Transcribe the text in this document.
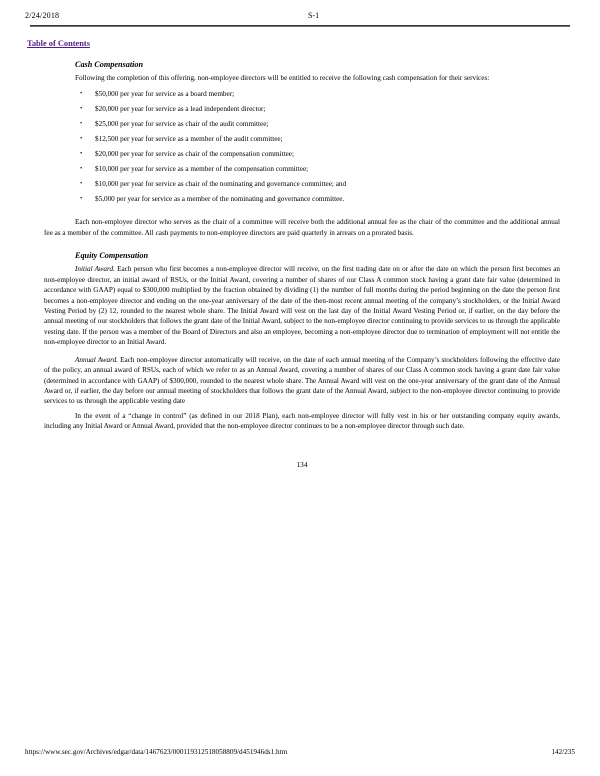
2/24/2018	S-1
Table of Contents
Cash Compensation
Following the completion of this offering, non-employee directors will be entitled to receive the following cash compensation for their services:
•	$50,000 per year for service as a board member;
•	$20,000 per year for service as a lead independent director;
•	$25,000 per year for service as chair of the audit committee;
•	$12,500 per year for service as a member of the audit committee;
•	$20,000 per year for service as chair of the compensation committee;
•	$10,000 per year for service as a member of the compensation committee;
•	$10,000 per year for service as chair of the nominating and governance committee; and
•	$5,000 per year for service as a member of the nominating and governance committee.
Each non-employee director who serves as the chair of a committee will receive both the additional annual fee as the chair of the committee and the additional annual fee as a member of the committee. All cash payments to non-employee directors are paid quarterly in arrears on a prorated basis.
Equity Compensation
Initial Award. Each person who first becomes a non-employee director will receive, on the first trading date on or after the date on which the person first becomes an non-employee director, an initial award of RSUs, or the Initial Award, covering a number of shares of our Class A common stock having a grant date fair value (determined in accordance with GAAP) equal to $300,000 multiplied by the fraction obtained by dividing (1) the number of full months during the period beginning on the date the person first becomes a non-employee director and ending on the one-year anniversary of the date of the then-most recent annual meeting of the company’s stockholders, or the Initial Award Vesting Period by (2) 12, rounded to the nearest whole share. The Initial Award will vest on the last day of the Initial Award Vesting Period or, if earlier, on the day before the annual meeting of our stockholders that follows the grant date of the Initial Award, subject to the non-employee director continuing to provide services to us through the applicable vesting date. If the person was a member of the Board of Directors and also an employee, becoming a non-employee director due to termination of employment will not entitle the non-employee director to an Initial Award.
Annual Award. Each non-employee director automatically will receive, on the date of each annual meeting of the Company’s stockholders following the effective date of the policy, an annual award of RSUs, each of which we refer to as an Annual Award, covering a number of shares of our Class A common stock having a grant date fair value (determined in accordance with GAAP) of $300,000, rounded to the nearest whole share. The Annual Award will vest on the one-year anniversary of the grant date of the Annual Award or, if earlier, the day before our annual meeting of stockholders that follows the grant date of the Annual Award, subject to the non-employee director continuing to provide services to us through the applicable vesting date
In the event of a “change in control” (as defined in our 2018 Plan), each non-employee director will fully vest in his or her outstanding company equity awards, including any Initial Award or Annual Award, provided that the non-employee director continues to be a non-employee director through such date.
134
https://www.sec.gov/Archives/edgar/data/1467623/000119312518058809/d451946ds1.htm	142/235
